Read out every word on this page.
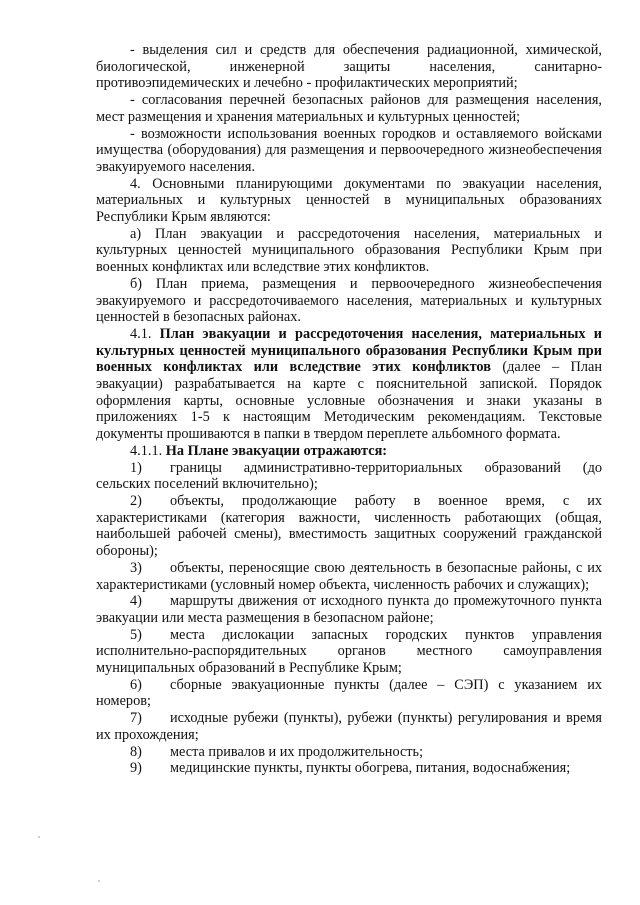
- выделения сил и средств для обеспечения радиационной, химической, биологической, инженерной защиты населения, санитарно-противоэпидемических и лечебно - профилактических мероприятий;

- согласования перечней безопасных районов для размещения населения, мест размещения и хранения материальных и культурных ценностей;

- возможности использования военных городков и оставляемого войсками имущества (оборудования) для размещения и первоочередного жизнеобеспечения эвакуируемого населения.

4. Основными планирующими документами по эвакуации населения, материальных и культурных ценностей в муниципальных образованиях Республики Крым являются:

а) План эвакуации и рассредоточения населения, материальных и культурных ценностей муниципального образования Республики Крым при военных конфликтах или вследствие этих конфликтов.

б) План приема, размещения и первоочередного жизнеобеспечения эвакуируемого и рассредоточиваемого населения, материальных и культурных ценностей в безопасных районах.

4.1. План эвакуации и рассредоточения населения, материальных и культурных ценностей муниципального образования Республики Крым при военных конфликтах или вследствие этих конфликтов (далее – План эвакуации) разрабатывается на карте с пояснительной запиской. Порядок оформления карты, основные условные обозначения и знаки указаны в приложениях 1-5 к настоящим Методическим рекомендациям. Текстовые документы прошиваются в папки в твердом переплете альбомного формата.

4.1.1. На Плане эвакуации отражаются:

1) границы административно-территориальных образований (до сельских поселений включительно);

2) объекты, продолжающие работу в военное время, с их характеристиками (категория важности, численность работающих (общая, наибольшей рабочей смены), вместимость защитных сооружений гражданской обороны);

3) объекты, переносящие свою деятельность в безопасные районы, с их характеристиками (условный номер объекта, численность рабочих и служащих);

4) маршруты движения от исходного пункта до промежуточного пункта эвакуации или места размещения в безопасном районе;

5) места дислокации запасных городских пунктов управления исполнительно-распорядительных органов местного самоуправления муниципальных образований в Республике Крым;

6) сборные эвакуационные пункты (далее – СЭП) с указанием их номеров;

7) исходные рубежи (пункты), рубежи (пункты) регулирования и время их прохождения;

8) места привалов и их продолжительность;

9) медицинские пункты, пункты обогрева, питания, водоснабжения;
